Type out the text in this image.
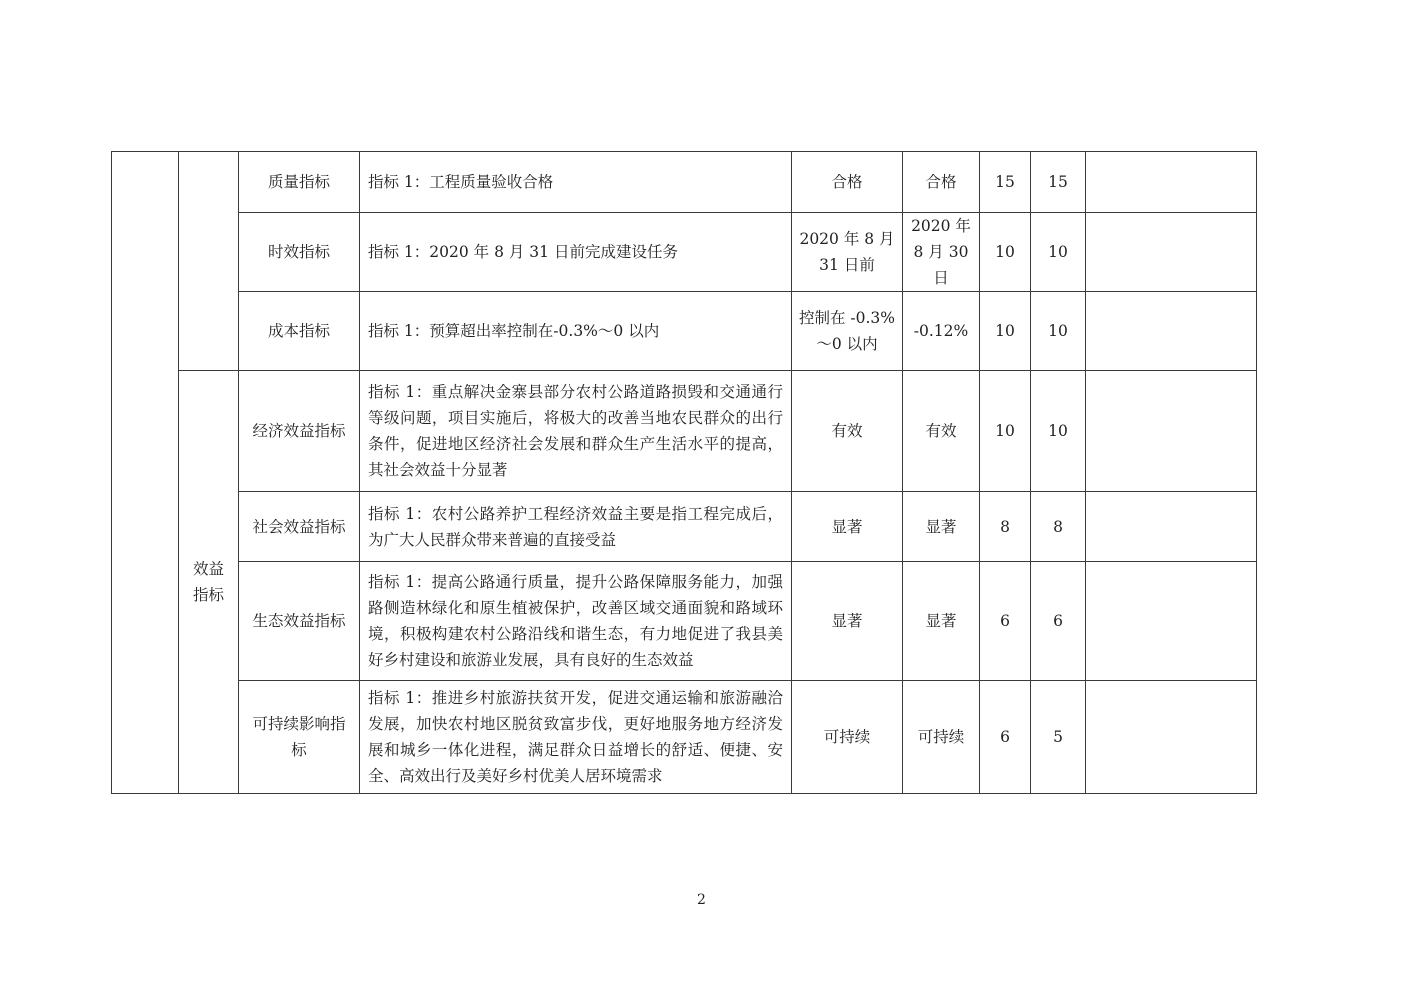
		质量指标	指标 1：工程质量验收合格	合格	合格	15	15	
		时效指标	指标 1：2020 年 8 月 31 日前完成建设任务	2020 年 8 月 31 日前	2020 年 8 月 30 日	10	10	
		成本指标	指标 1：预算超出率控制在-0.3%～0 以内	控制在 -0.3%～0 以内	-0.12%	10	10	
	效益指标	经济效益指标	指标 1：重点解决金寨县部分农村公路道路损毁和交通通行等级问题，项目实施后，将极大的改善当地农民群众的出行条件，促进地区经济社会发展和群众生产生活水平的提高，其社会效益十分显著	有效	有效	10	10	
		社会效益指标	指标 1：农村公路养护工程经济效益主要是指工程完成后，为广大人民群众带来普遍的直接受益	显著	显著	8	8	
		生态效益指标	指标 1：提高公路通行质量，提升公路保障服务能力，加强路侧造林绿化和原生植被保护，改善区域交通面貌和路域环境，积极构建农村公路沿线和谐生态，有力地促进了我县美好乡村建设和旅游业发展，具有良好的生态效益	显著	显著	6	6	
		可持续影响指标	指标 1：推进乡村旅游扶贫开发，促进交通运输和旅游融洽发展，加快农村地区脱贫致富步伐，更好地服务地方经济发展和城乡一体化进程，满足群众日益增长的舒适、便捷、安全、高效出行及美好乡村优美人居环境需求	可持续	可持续	6	5	
2
